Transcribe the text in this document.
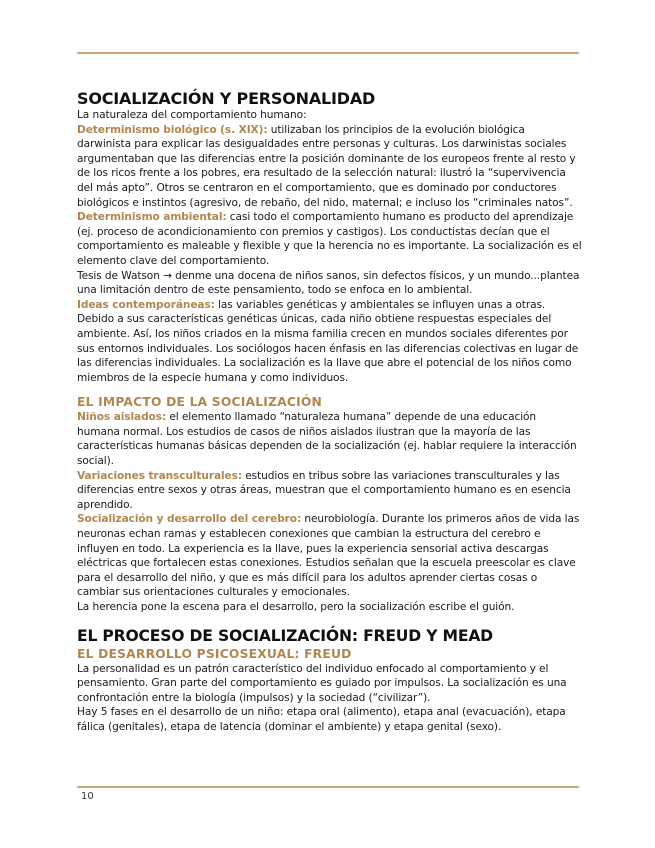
SOCIALIZACIÓN Y PERSONALIDAD

La naturaleza del comportamiento humano:

Determinismo biológico (s. XIX): utilizaban los principios de la evolución biológica darwinista para explicar las desigualdades entre personas y culturas. Los darwinistas sociales argumentaban que las diferencias entre la posición dominante de los europeos frente al resto y de los ricos frente a los pobres, era resultado de la selección natural: ilustró la “supervivencia del más apto”. Otros se centraron en el comportamiento, que es dominado por conductores biológicos e instintos (agresivo, de rebaño, del nido, maternal; e incluso los “criminales natos”.

Determinismo ambiental: casi todo el comportamiento humano es producto del aprendizaje (ej. proceso de acondicionamiento con premios y castigos). Los conductistas decían que el comportamiento es maleable y flexible y que la herencia no es importante. La socialización es el elemento clave del comportamiento.

Tesis de Watson → denme una docena de niños sanos, sin defectos físicos, y un mundo...plantea una limitación dentro de este pensamiento, todo se enfoca en lo ambiental.

Ideas contemporáneas: las variables genéticas y ambientales se influyen unas a otras. Debido a sus características genéticas únicas, cada niño obtiene respuestas especiales del ambiente. Así, los niños criados en la misma familia crecen en mundos sociales diferentes por sus entornos individuales. Los sociólogos hacen énfasis en las diferencias colectivas en lugar de las diferencias individuales. La socialización es la llave que abre el potencial de los niños como miembros de la especie humana y como individuos.

EL IMPACTO DE LA SOCIALIZACIÓN

Niños aislados: el elemento llamado “naturaleza humana” depende de una educación humana normal. Los estudios de casos de niños aislados ilustran que la mayoría de las características humanas básicas dependen de la socialización (ej. hablar requiere la interacción social).

Variaciones transculturales: estudios en tribus sobre las variaciones transculturales y las diferencias entre sexos y otras áreas, muestran que el comportamiento humano es en esencia aprendido.

Socialización y desarrollo del cerebro: neurobiología. Durante los primeros años de vida las neuronas echan ramas y establecen conexiones que cambian la estructura del cerebro e influyen en todo. La experiencia es la llave, pues la experiencia sensorial activa descargas eléctricas que fortalecen estas conexiones. Estudios señalan que la escuela preescolar es clave para el desarrollo del niño, y que es más difícil para los adultos aprender ciertas cosas o cambiar sus orientaciones culturales y emocionales.

La herencia pone la escena para el desarrollo, pero la socialización escribe el guión.

EL PROCESO DE SOCIALIZACIÓN: FREUD Y MEAD
EL DESARROLLO PSICOSEXUAL: FREUD

La personalidad es un patrón característico del individuo enfocado al comportamiento y el pensamiento. Gran parte del comportamiento es guiado por impulsos. La socialización es una confrontación entre la biología (impulsos) y la sociedad (“civilizar”).

Hay 5 fases en el desarrollo de un niño: etapa oral (alimento), etapa anal (evacuación), etapa fálica (genitales), etapa de latencia (dominar el ambiente) y etapa genital (sexo).

10
